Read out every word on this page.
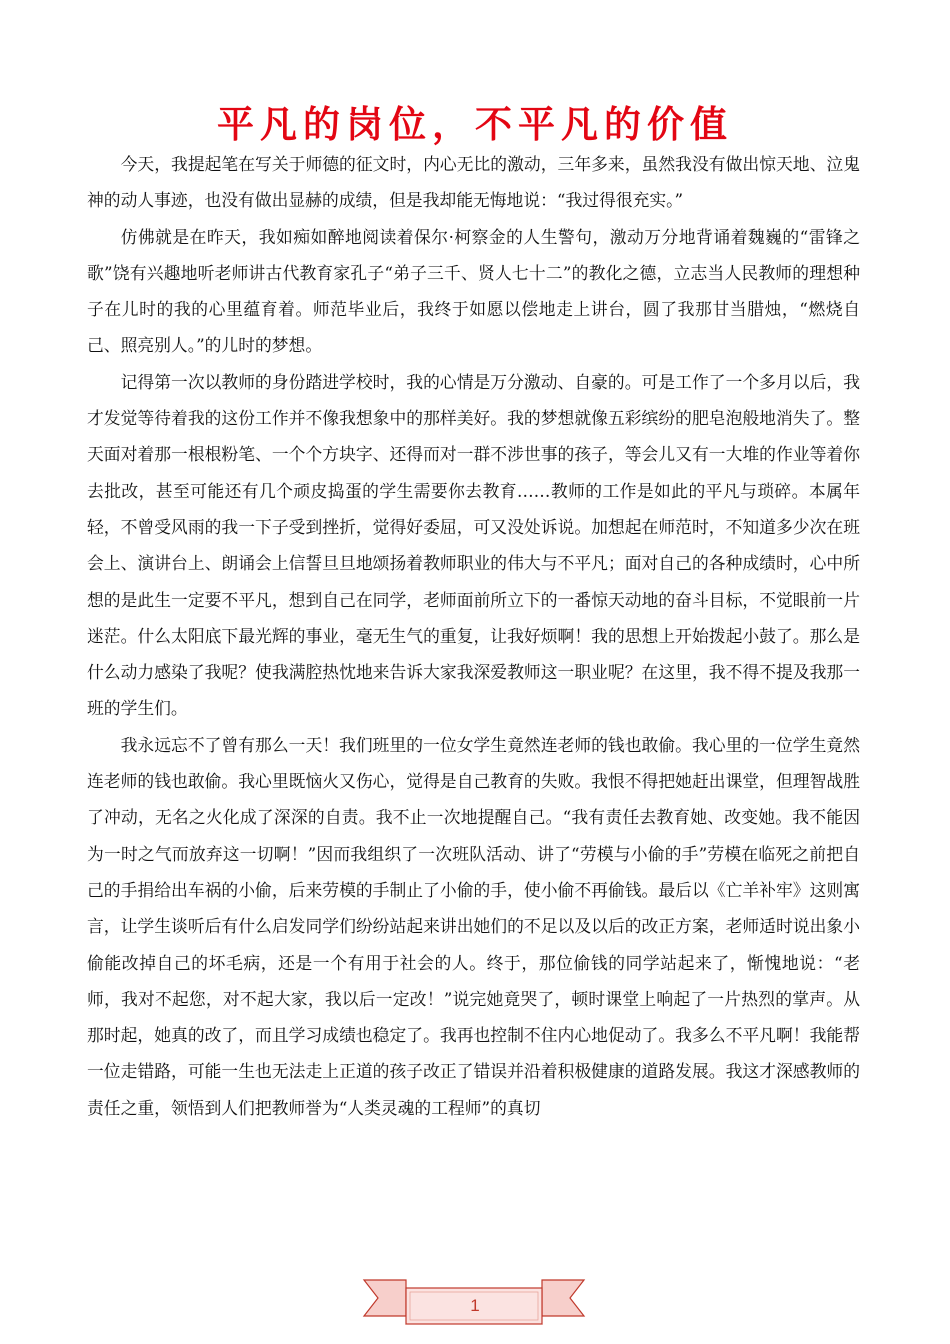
平凡的岗位，不平凡的价值

今天，我提起笔在写关于师德的征文时，内心无比的激动，三年多来，虽然我没有做出惊天地、泣鬼神的动人事迹，也没有做出显赫的成绩，但是我却能无悔地说：“我过得很充实。”

仿佛就是在昨天，我如痴如醉地阅读着保尔·柯察金的人生警句，激动万分地背诵着魏巍的“雷锋之歌”饶有兴趣地听老师讲古代教育家孔子“弟子三千、贤人七十二”的教化之德，立志当人民教师的理想种子在儿时的我的心里蕴育着。师范毕业后，我终于如愿以偿地走上讲台，圆了我那甘当腊烛，“燃烧自己、照亮别人。”的儿时的梦想。

记得第一次以教师的身份踏进学校时，我的心情是万分激动、自豪的。可是工作了一个多月以后，我才发觉等待着我的这份工作并不像我想象中的那样美好。我的梦想就像五彩缤纷的肥皂泡般地消失了。整天面对着那一根根粉笔、一个个方块字、还得而对一群不涉世事的孩子，等会儿又有一大堆的作业等着你去批改，甚至可能还有几个顽皮捣蛋的学生需要你去教育……教师的工作是如此的平凡与琐碎。本属年轻，不曾受风雨的我一下子受到挫折，觉得好委屈，可又没处诉说。加想起在师范时，不知道多少次在班会上、演讲台上、朗诵会上信誓旦旦地颂扬着教师职业的伟大与不平凡；面对自己的各种成绩时，心中所想的是此生一定要不平凡，想到自己在同学，老师面前所立下的一番惊天动地的奋斗目标，不觉眼前一片迷茫。什么太阳底下最光辉的事业，毫无生气的重复，让我好烦啊！我的思想上开始拨起小鼓了。那么是什么动力感染了我呢？使我满腔热忱地来告诉大家我深爱教师这一职业呢？在这里，我不得不提及我那一班的学生们。

我永远忘不了曾有那么一天！我们班里的一位女学生竟然连老师的钱也敢偷。我心里的一位学生竟然连老师的钱也敢偷。我心里既恼火又伤心，觉得是自己教育的失败。我恨不得把她赶出课堂，但理智战胜了冲动，无名之火化成了深深的自责。我不止一次地提醒自己。“我有责任去教育她、改变她。我不能因为一时之气而放弃这一切啊！”因而我组织了一次班队活动、讲了“劳模与小偷的手”劳模在临死之前把自己的手捐给出车祸的小偷，后来劳模的手制止了小偷的手，使小偷不再偷钱。最后以《亡羊补牢》这则寓言，让学生谈听后有什么启发同学们纷纷站起来讲出她们的不足以及以后的改正方案，老师适时说出象小偷能改掉自己的坏毛病，还是一个有用于社会的人。终于，那位偷钱的同学站起来了，惭愧地说：“老师，我对不起您，对不起大家，我以后一定改！”说完她竟哭了，顿时课堂上响起了一片热烈的掌声。从那时起，她真的改了，而且学习成绩也稳定了。我再也控制不住内心地促动了。我多么不平凡啊！我能帮一位走错路，可能一生也无法走上正道的孩子改正了错误并沿着积极健康的道路发展。我这才深感教师的责任之重，领悟到人们把教师誉为“人类灵魂的工程师”的真切

1
